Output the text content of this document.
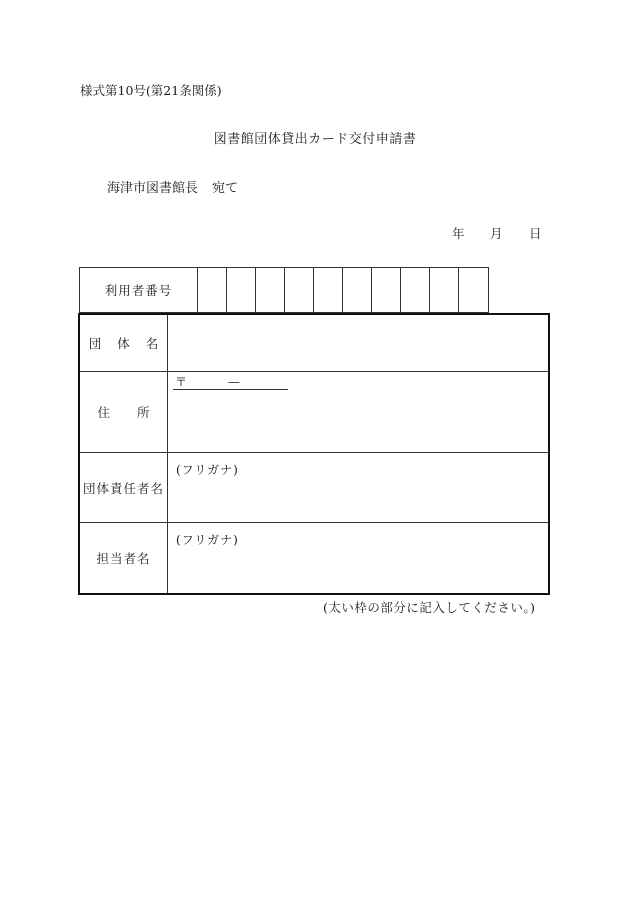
様式第10号(第21条関係)
図書館団体貸出カード交付申請書
海津市図書館長 宛て
年 月 日
利用者番号
団 体 名
住 所
〒	—
団体責任者名
(フリガナ)
担当者名
(フリガナ)
(太い枠の部分に記入してください。)
